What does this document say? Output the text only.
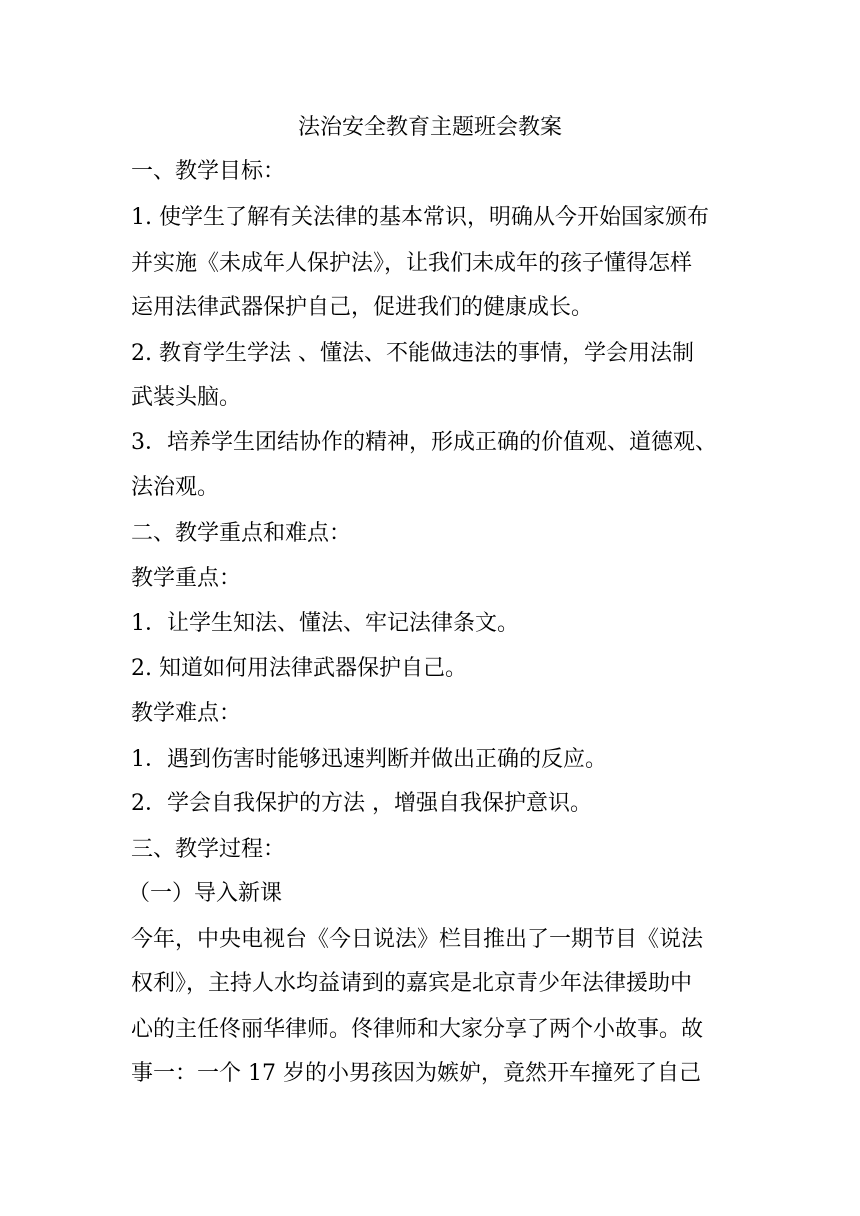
法治安全教育主题班会教案
一、教学目标：
1. 使学生了解有关法律的基本常识，明确从今开始国家颁布
并实施《未成年人保护法》，让我们未成年的孩子懂得怎样
运用法律武器保护自己，促进我们的健康成长。
2. 教育学生学法 、懂法、不能做违法的事情，学会用法制
武装头脑。
3．培养学生团结协作的精神，形成正确的价值观、道德观、
法治观。
二、教学重点和难点：
教学重点：
1．让学生知法、懂法、牢记法律条文。
2. 知道如何用法律武器保护自己。
教学难点：
1．遇到伤害时能够迅速判断并做出正确的反应。
2．学会自我保护的方法 ，增强自我保护意识。
三、教学过程：
（一）导入新课
今年，中央电视台《今日说法》栏目推出了一期节目《说法
权利》，主持人水均益请到的嘉宾是北京青少年法律援助中
心的主任佟丽华律师。佟律师和大家分享了两个小故事。故
事一：一个 17 岁的小男孩因为嫉妒，竟然开车撞死了自己
